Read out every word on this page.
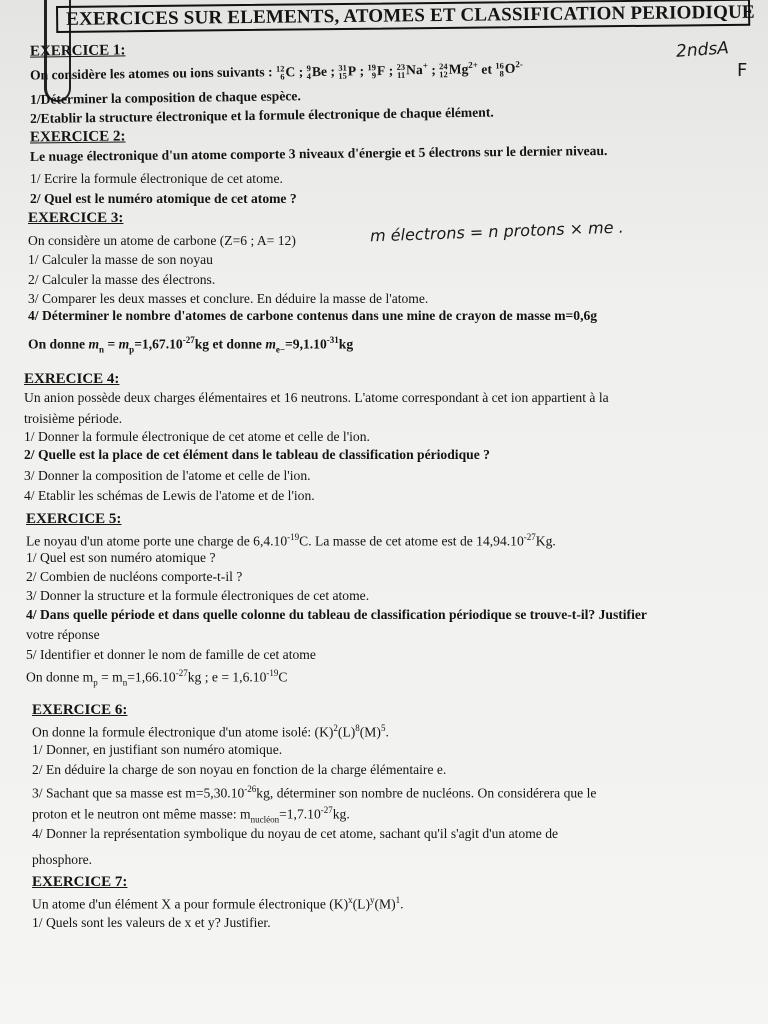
EXERCICES SUR ELEMENTS, ATOMES ET CLASSIFICATION PERIODIQUE
2ndsA
F
EXERCICE 1:
On considère les atomes ou ions suivants : 12
6 C ; 9
4 Be ; 31
15 P ; 19
9 F ; 23
11 Na+ ; 24
12 $Mg^{2+}$ et 16
8 $O^{2-}$
1/Déterminer la composition de chaque espèce.
2/Etablir la structure électronique et la formule électronique de chaque élément.
EXERCICE 2:
Le nuage électronique d'un atome comporte 3 niveaux d'énergie et 5 électrons sur le dernier niveau.
1/ Ecrire la formule électronique de cet atome.
2/ Quel est le numéro atomique de cet atome ?
EXERCICE 3:
On considère un atome de carbone (Z=6 ; A= 12)	m électrons = n protons × me .
1/ Calculer la masse de son noyau
2/ Calculer la masse des électrons.
3/ Comparer les deux masses et conclure. En déduire la masse de l'atome.
4/ Déterminer le nombre d'atomes de carbone contenus dans une mine de crayon de masse m=0,6g
On donne $m_n = m_p=1,67.10^{-27}kg$ et donne $m_{e-}=9,1.10^{-31}kg$
EXRECICE 4:
Un anion possède deux charges élémentaires et 16 neutrons. L'atome correspondant à cet ion appartient à la
troisième période.
1/ Donner la formule électronique de cet atome et celle de l'ion.
2/ Quelle est la place de cet élément dans le tableau de classification périodique ?
3/ Donner la composition de l'atome et celle de l'ion.
4/ Etablir les schémas de Lewis de l'atome et de l'ion.
EXERCICE 5:
Le noyau d'un atome porte une charge de $6,4.10^{-19}C$. La masse de cet atome est de $14,94.10^{-27}Kg$.
1/ Quel est son numéro atomique ?
2/ Combien de nucléons comporte-t-il ?
3/ Donner la structure et la formule électroniques de cet atome.
4/ Dans quelle période et dans quelle colonne du tableau de classification périodique se trouve-t-il? Justifier
votre réponse
5/ Identifier et donner le nom de famille de cet atome
On donne $m_p = m_n=1,66.10^{-27}kg$ ; $e = 1,6.10^{-19}C$
EXERCICE 6:
On donne la formule électronique d'un atome isolé: $(K)^2(L)^8(M)^5$.
1/ Donner, en justifiant son numéro atomique.
2/ En déduire la charge de son noyau en fonction de la charge élémentaire e.
3/ Sachant que sa masse est $m=5,30.10^{-26}kg$, déterminer son nombre de nucléons. On considérera que le
proton et le neutron ont même masse: $m_{nucléon}=1,7.10^{-27}kg$.
4/ Donner la représentation symbolique du noyau de cet atome, sachant qu'il s'agit d'un atome de
phosphore.
EXERCICE 7:
Un atome d'un élément X a pour formule électronique $(K)^x(L)^y(M)^1$.
1/ Quels sont les valeurs de x et y? Justifier.
